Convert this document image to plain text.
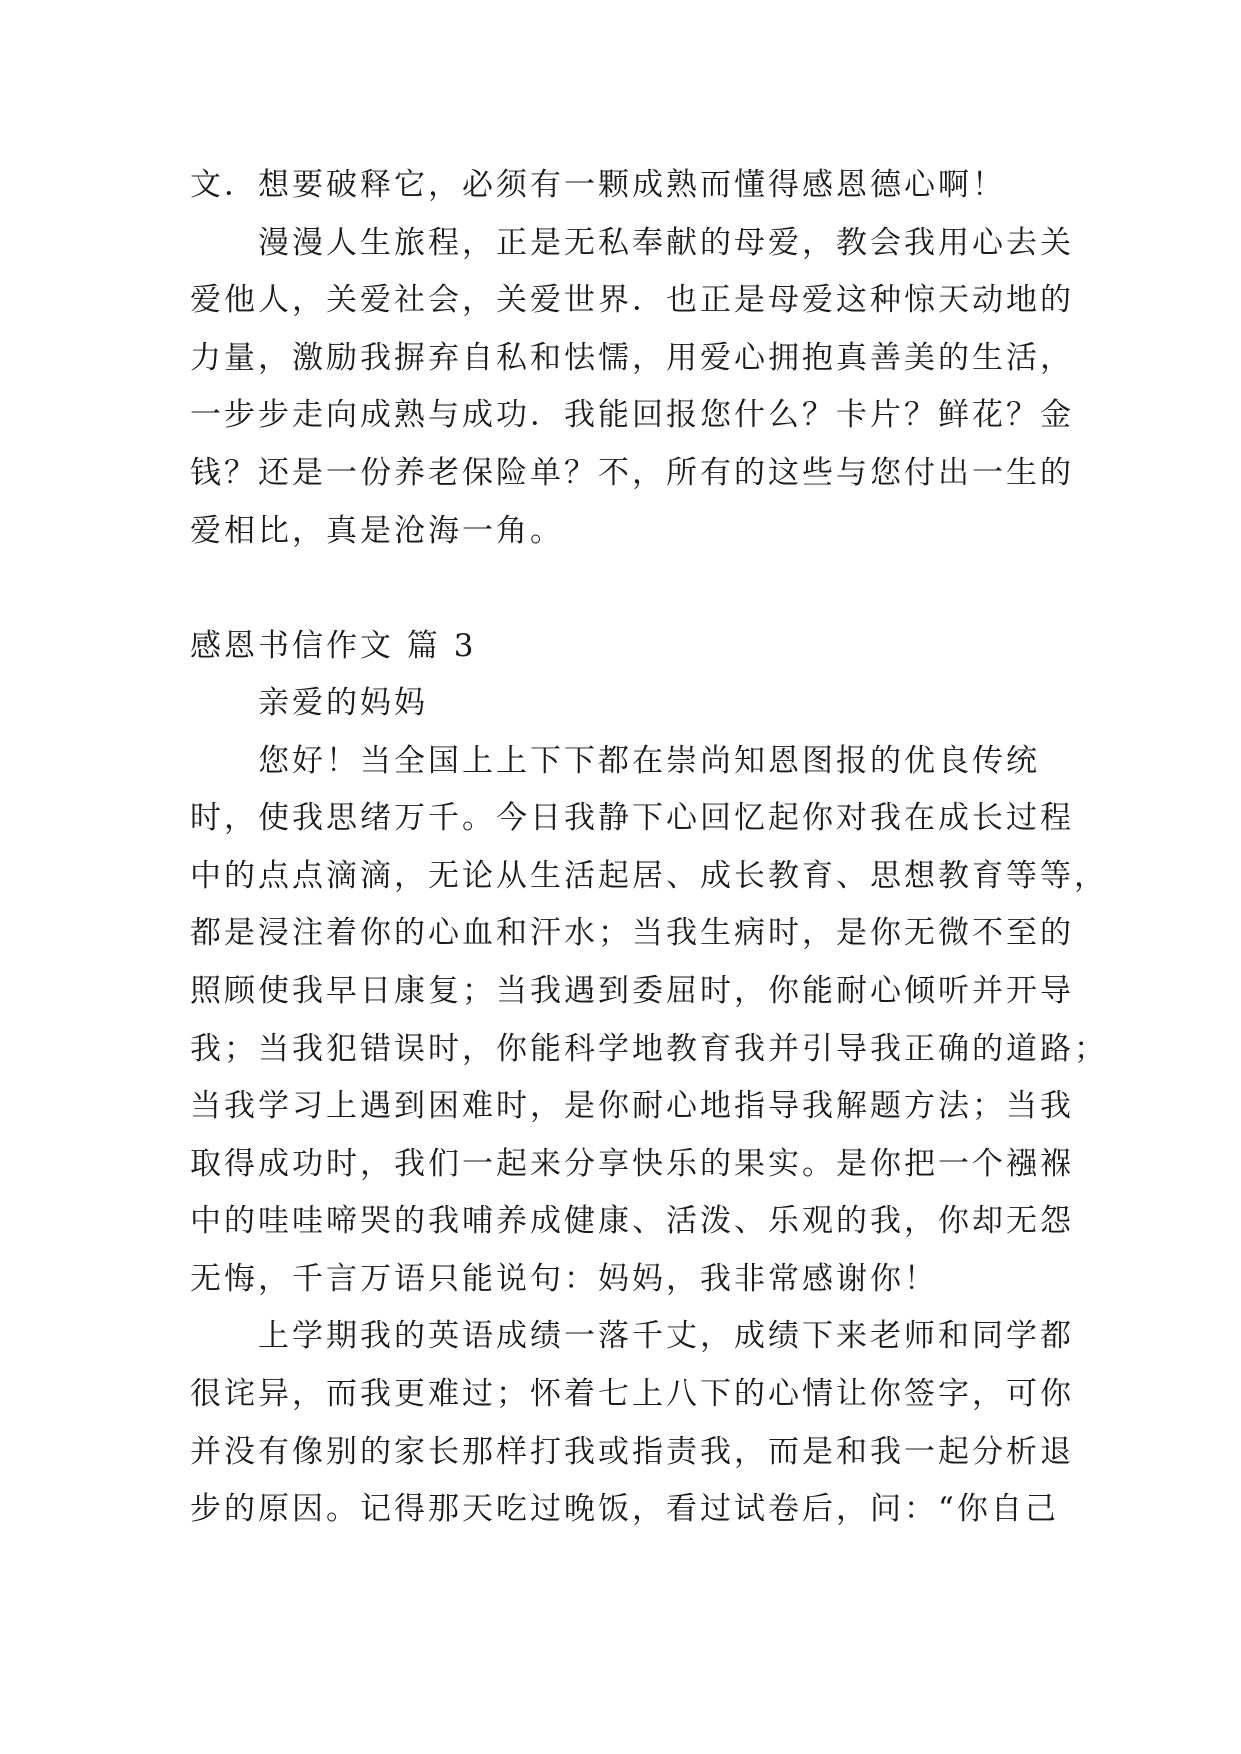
文．想要破释它，必须有一颗成熟而懂得感恩德心啊！
漫漫人生旅程，正是无私奉献的母爱，教会我用心去关
爱他人，关爱社会，关爱世界．也正是母爱这种惊天动地的
力量，激励我摒弃自私和怯懦，用爱心拥抱真善美的生活，
一步步走向成熟与成功．我能回报您什么？卡片？鲜花？金
钱？还是一份养老保险单？不，所有的这些与您付出一生的
爱相比，真是沧海一角。
感恩书信作文 篇 3
亲爱的妈妈
您好！当全国上上下下都在崇尚知恩图报的优良传统
时，使我思绪万千。今日我静下心回忆起你对我在成长过程
中的点点滴滴，无论从生活起居、成长教育、思想教育等等，
都是浸注着你的心血和汗水；当我生病时，是你无微不至的
照顾使我早日康复；当我遇到委屈时，你能耐心倾听并开导
我；当我犯错误时，你能科学地教育我并引导我正确的道路；
当我学习上遇到困难时，是你耐心地指导我解题方法；当我
取得成功时，我们一起来分享快乐的果实。是你把一个襁褓
中的哇哇啼哭的我哺养成健康、活泼、乐观的我，你却无怨
无悔，千言万语只能说句：妈妈，我非常感谢你！
上学期我的英语成绩一落千丈，成绩下来老师和同学都
很诧异，而我更难过；怀着七上八下的心情让你签字，可你
并没有像别的家长那样打我或指责我，而是和我一起分析退
步的原因。记得那天吃过晚饭，看过试卷后，问：“你自己
